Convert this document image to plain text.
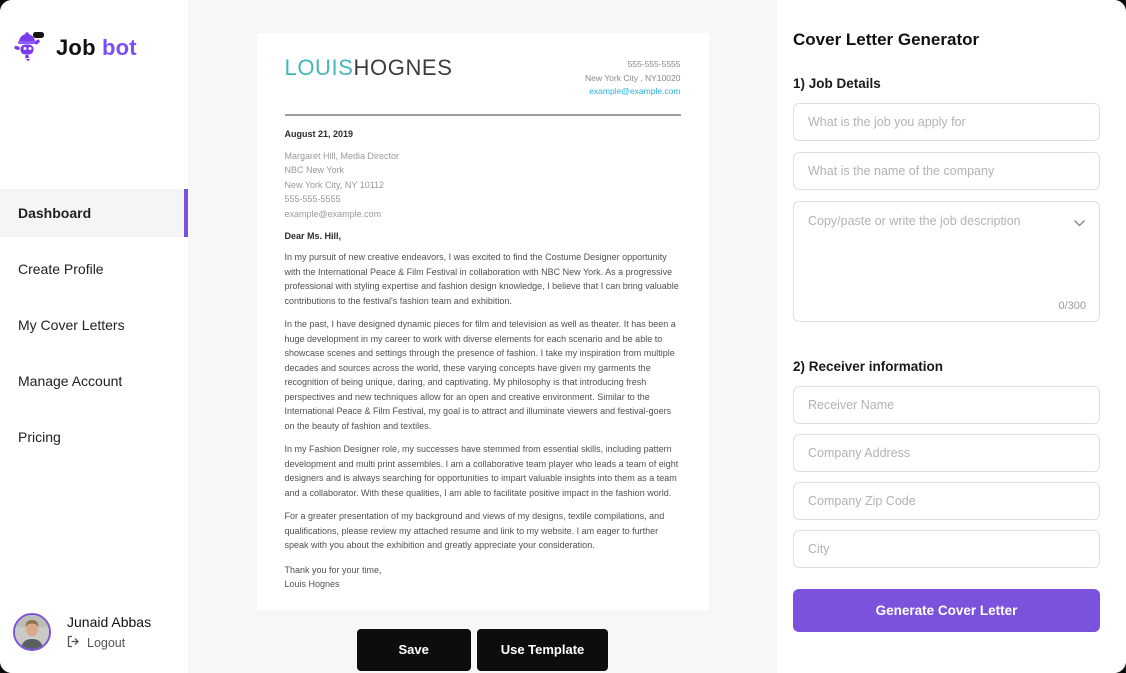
Job bot
Dashboard
Create Profile
My Cover Letters
Manage Account
Pricing
Junaid Abbas
Logout
LOUISHOGNES	555-555-5555
New York City , NY10020
example@example.com
August 21, 2019
Margaret Hill, Media Director
NBC New York
New York City, NY 10112
555-555-5555
example@example.com
Dear Ms. Hill,

In my pursuit of new creative endeavors, I was excited to find the Costume Designer opportunity with the International Peace & Film Festival in collaboration with NBC New York. As a progressive professional with styling expertise and fashion design knowledge, I believe that I can bring valuable contributions to the festival's fashion team and exhibition.

In the past, I have designed dynamic pieces for film and television as well as theater. It has been a huge development in my career to work with diverse elements for each scenario and be able to showcase scenes and settings through the presence of fashion. I take my inspiration from multiple decades and sources across the world, these varying concepts have given my garments the recognition of being unique, daring, and captivating. My philosophy is that introducing fresh perspectives and new techniques allow for an open and creative environment. Similar to the International Peace & Film Festival, my goal is to attract and illuminate viewers and festival-goers on the beauty of fashion and textiles.

In my Fashion Designer role, my successes have stemmed from essential skills, including pattern development and multi print assembles. I am a collaborative team player who leads a team of eight designers and is always searching for opportunities to impart valuable insights into them as a team and a collaborator. With these qualities, I am able to facilitate positive impact in the fashion world.

For a greater presentation of my background and views of my designs, textile compilations, and qualifications, please review my attached resume and link to my website. I am eager to further speak with you about the exhibition and greatly appreciate your consideration.

Thank you for your time,
Louis Hognes
Save	Use Template
Cover Letter Generator
1) Job Details
What is the job you apply for
What is the name of the company
Copy/paste or write the job description
0/300
2) Receiver information
Receiver Name Company Address Company Zip Code City
Generate Cover Letter
